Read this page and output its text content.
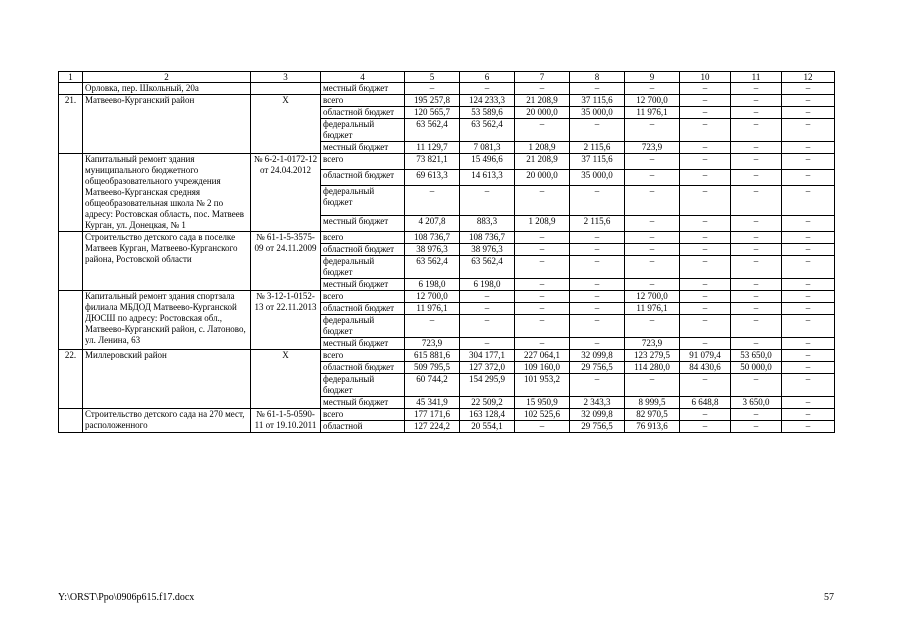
1	2	3	4	5	6	7	8	9	10	11	12
	Орловка, пер. Школьный, 20а		местный бюджет	–	–	–	–	–	–	–	–
21.	Матвеево-Курганский район	Х	всего	195 257,8	124 233,3	21 208,9	37 115,6	12 700,0	–	–	–
			областной бюджет	120 565,7	53 589,6	20 000,0	35 000,0	11 976,1	–	–	–
			федеральный бюджет	63 562,4	63 562,4	–	–	–	–	–	–
			местный бюджет	11 129,7	7 081,3	1 208,9	2 115,6	723,9	–	–	–
	Капитальный ремонт здания муниципального бюджетного общеобразовательного учреждения Матвеево-Курганская средняя общеобразовательная школа № 2 по адресу: Ростовская область, пос. Матвеев Курган, ул. Донецкая, № 1	№ 6-2-1-0172-12 от 24.04.2012	всего	73 821,1	15 496,6	21 208,9	37 115,6	–	–	–	–
			областной бюджет	69 613,3	14 613,3	20 000,0	35 000,0	–	–	–	–
			федеральный бюджет	–	–	–	–	–	–	–	–
			местный бюджет	4 207,8	883,3	1 208,9	2 115,6	–	–	–	–
	Строительство детского сада в поселке Матвеев Курган, Матвеево-Курганского района, Ростовской области	№ 61-1-5-3575-09 от 24.11.2009	всего	108 736,7	108 736,7	–	–	–	–	–	–
			областной бюджет	38 976,3	38 976,3	–	–	–	–	–	–
			федеральный бюджет	63 562,4	63 562,4	–	–	–	–	–	–
			местный бюджет	6 198,0	6 198,0	–	–	–	–	–	–
	Капитальный ремонт здания спортзала филиала МБДОД Матвеево-Курганской ДЮСШ по адресу: Ростовская обл., Матвеево-Курганский район, с. Латоново, ул. Ленина, 63	№ 3-12-1-0152-13 от 22.11.2013	всего	12 700,0	–	–	–	12 700,0	–	–	–
			областной бюджет	11 976,1	–	–	–	11 976,1	–	–	–
			федеральный бюджет	–	–	–	–	–	–	–	–
			местный бюджет	723,9	–	–	–	723,9	–	–	–
22.	Миллеровский район	Х	всего	615 881,6	304 177,1	227 064,1	32 099,8	123 279,5	91 079,4	53 650,0	–
			областной бюджет	509 795,5	127 372,0	109 160,0	29 756,5	114 280,0	84 430,6	50 000,0	–
			федеральный бюджет	60 744,2	154 295,9	101 953,2	–	–	–	–	–
			местный бюджет	45 341,9	22 509,2	15 950,9	2 343,3	8 999,5	6 648,8	3 650,0	–
	Строительство детского сада на 270 мест, расположенного	№ 61-1-5-0590-11 от 19.10.2011	всего	177 171,6	163 128,4	102 525,6	32 099,8	82 970,5	–	–	–
			областной	127 224,2	20 554,1	–	29 756,5	76 913,6	–	–	–
Y:\ORST\Ppo\0906p615.f17.docx	57
